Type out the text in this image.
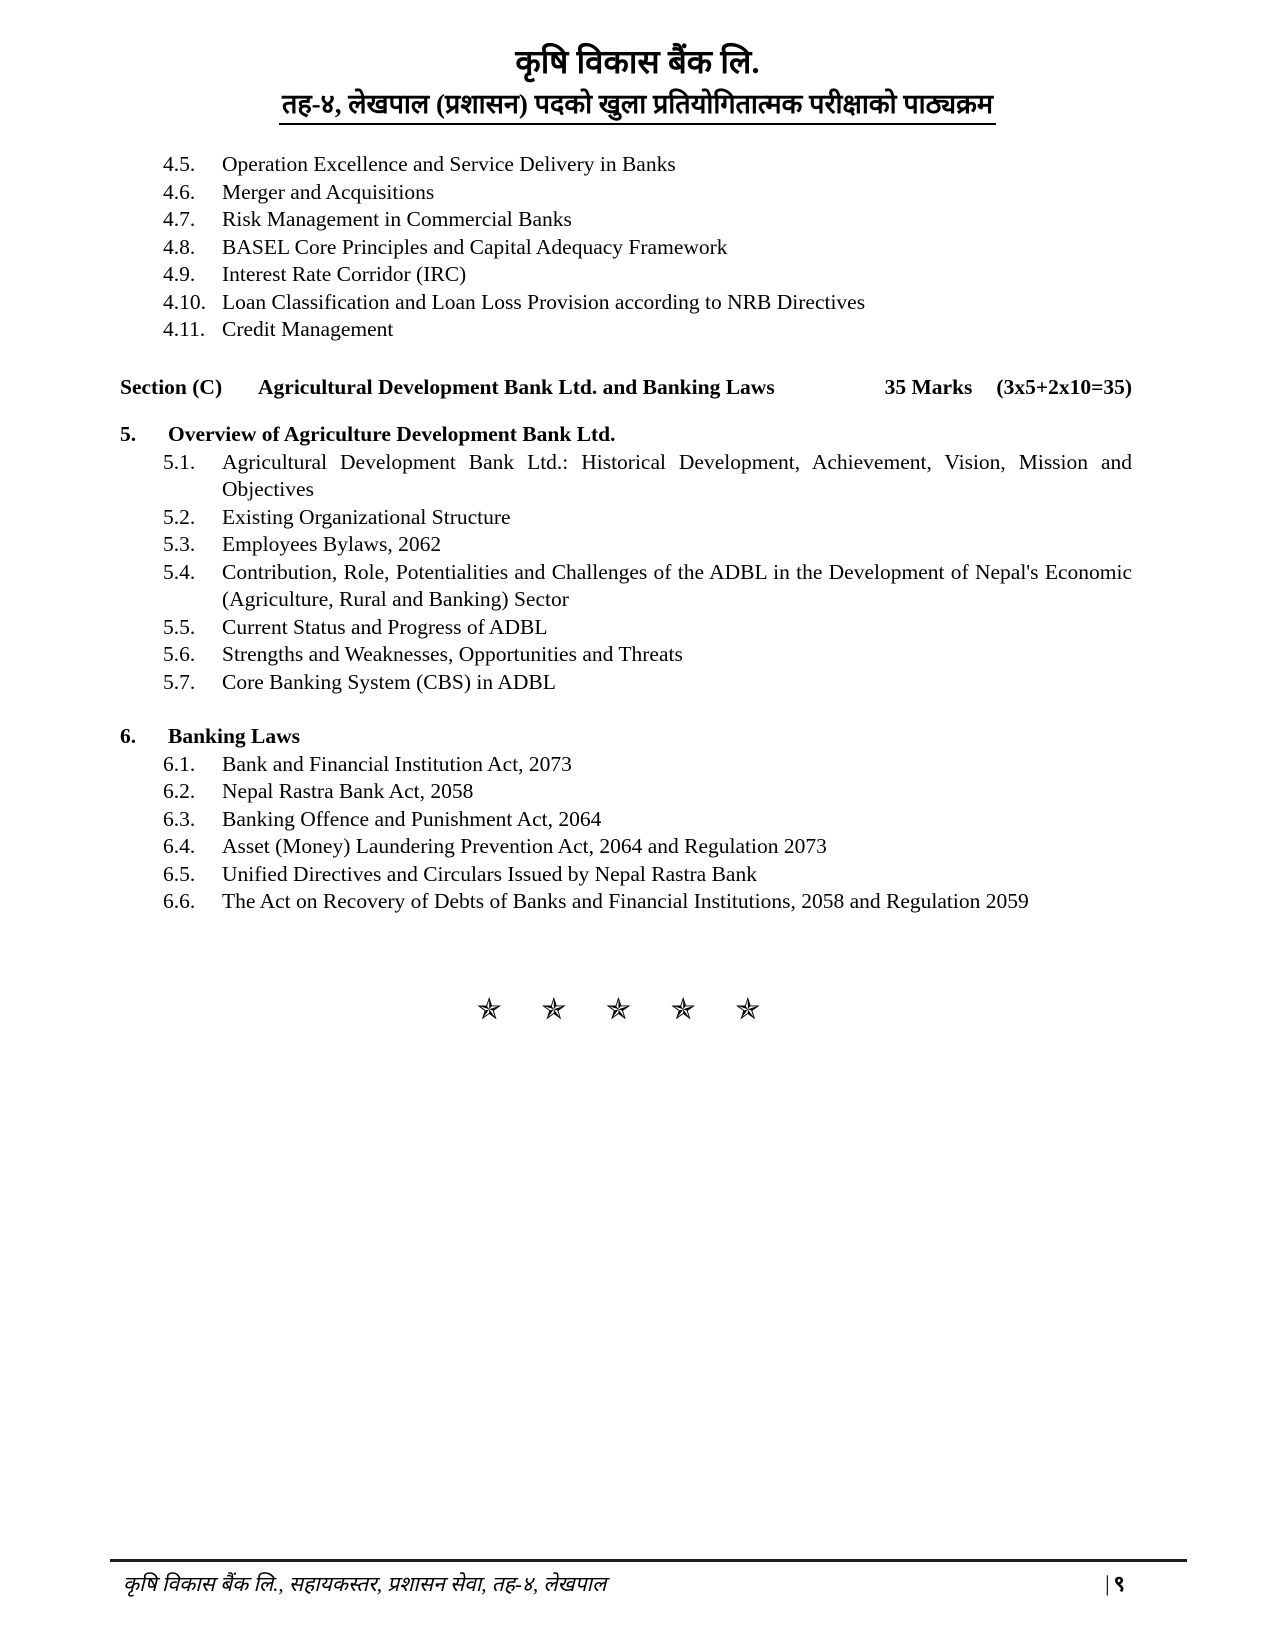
कृषि विकास बैंक लि.
तह-४, लेखपाल (प्रशासन) पदको खुला प्रतियोगितात्मक परीक्षाको पाठ्यक्रम
4.5.	Operation Excellence and Service Delivery in Banks
4.6.	Merger and Acquisitions
4.7.	Risk Management in Commercial Banks
4.8.	BASEL Core Principles and Capital Adequacy Framework
4.9.	Interest Rate Corridor (IRC)
4.10. Loan Classification and Loan Loss Provision according to NRB Directives
4.11. Credit Management
Section (C)	Agricultural Development Bank Ltd. and Banking Laws	35 Marks (3x5+2x10=35)
5.	Overview of Agriculture Development Bank Ltd.
5.1.	Agricultural Development Bank Ltd.: Historical Development, Achievement, Vision, Mission and Objectives
5.2.	Existing Organizational Structure
5.3.	Employees Bylaws, 2062
5.4.	Contribution, Role, Potentialities and Challenges of the ADBL in the Development of Nepal's Economic (Agriculture, Rural and Banking) Sector
5.5.	Current Status and Progress of ADBL
5.6.	Strengths and Weaknesses, Opportunities and Threats
5.7.	Core Banking System (CBS) in ADBL
6.	Banking Laws
6.1.	Bank and Financial Institution Act, 2073
6.2.	Nepal Rastra Bank Act, 2058
6.3.	Banking Offence and Punishment Act, 2064
6.4.	Asset (Money) Laundering Prevention Act, 2064 and Regulation 2073
6.5.	Unified Directives and Circulars Issued by Nepal Rastra Bank
6.6.	The Act on Recovery of Debts of Banks and Financial Institutions, 2058 and Regulation 2059
✯ ✯ ✯ ✯ ✯
कृषि विकास बैंक लि., सहायकस्तर, प्रशासन सेवा, तह-४, लेखपाल	| ९
